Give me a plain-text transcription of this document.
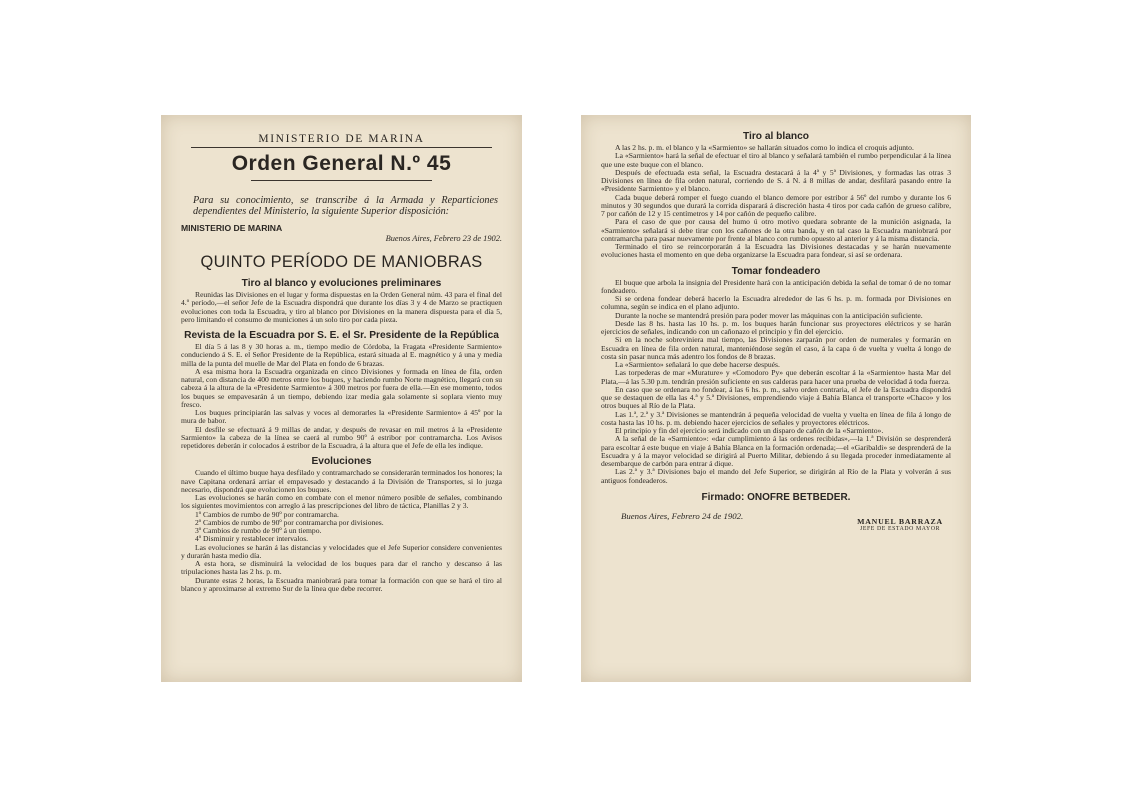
MINISTERIO DE MARINA
Orden General N.º 45
Para su conocimiento, se transcribe á la Armada y Reparticiones dependientes del Ministerio, la siguiente Superior disposición:
MINISTERIO DE MARINA
Buenos Aires, Febrero 23 de 1902.
QUINTO PERÍODO DE MANIOBRAS
Tiro al blanco y evoluciones preliminares

Reunidas las Divisiones en el lugar y forma dispuestas en la Orden General núm. 43 para el final del 4.º período,—el señor Jefe de la Escuadra dispondrá que durante los días 3 y 4 de Marzo se practiquen evoluciones con toda la Escuadra, y tiro al blanco por Divisiones en la manera dispuesta para el día 5, pero limitando el consumo de municiones á un solo tiro por cada pieza.

Revista de la Escuadra por S. E. el Sr. Presidente de la República

El día 5 á las 8 y 30 horas a. m., tiempo medio de Córdoba, la Fragata «Presidente Sarmiento» conduciendo á S. E. el Señor Presidente de la República, estará situada al E. magnético y á una y media milla de la punta del muelle de Mar del Plata en fondo de 6 brazas.

A esa misma hora la Escuadra organizada en cinco Divisiones y formada en línea de fila, orden natural, con distancia de 400 metros entre los buques, y haciendo rumbo Norte magnético, llegará con su cabeza á la altura de la «Presidente Sarmiento» á 300 metros por fuera de ella.—En ese momento, todos los buques se empavesarán á un tiempo, debiendo izar media gala solamente si soplara viento muy fresco.

Los buques principiarán las salvas y voces al demorarles la «Presidente Sarmiento» á 45º por la mura de babor.

El desfile se efectuará á 9 millas de andar, y después de revasar en mil metros á la «Presidente Sarmiento» la cabeza de la línea se caerá al rumbo 90º á estribor por contramarcha. Los Avisos repetidores deberán ir colocados á estribor de la Escuadra, á la altura que el Jefe de ella les indique.

Evoluciones

Cuando el último buque haya desfilado y contramarchado se considerarán terminados los honores; la nave Capitana ordenará arriar el empavesado y destacando á la División de Transportes, si lo juzga necesario, dispondrá que evolucionen los buques.

Las evoluciones se harán como en combate con el menor número posible de señales, combinando los siguientes movimientos con arreglo á las prescripciones del libro de táctica, Planillas 2 y 3.

1º Cambios de rumbo de 90º por contramarcha.
2º Cambios de rumbo de 90º por contramarcha por divisiones.
3º Cambios de rumbo de 90º á un tiempo.
4º Disminuir y restablecer intervalos.

Las evoluciones se harán á las distancias y velocidades que el Jefe Superior considere convenientes y durarán hasta medio día.

A esta hora, se disminuirá la velocidad de los buques para dar el rancho y descanso á las tripulaciones hasta las 2 hs. p. m.

Durante estas 2 horas, la Escuadra maniobrará para tomar la formación con que se hará el tiro al blanco y aproximarse al extremo Sur de la línea que debe recorrer.

Tiro al blanco

A las 2 hs. p. m. el blanco y la «Sarmiento» se hallarán situados como lo indica el croquis adjunto.

La «Sarmiento» hará la señal de efectuar el tiro al blanco y señalará también el rumbo perpendicular á la línea que une este buque con el blanco.

Después de efectuada esta señal, la Escuadra destacará á la 4ª y 5ª Divisiones, y formadas las otras 3 Divisiones en línea de fila orden natural, corriendo de S. á N. á 8 millas de andar, desfilará pasando entre la «Presidente Sarmiento» y el blanco.

Cada buque deberá romper el fuego cuando el blanco demore por estribor á 56º del rumbo y durante los 6 minutos y 30 segundos que durará la corrida disparará á discreción hasta 4 tiros por cada cañón de grueso calibre, 7 por cañón de 12 y 15 centímetros y 14 por cañón de pequeño calibre.

Para el caso de que por causa del humo ú otro motivo quedara sobrante de la munición asignada, la «Sarmiento» señalará si debe tirar con los cañones de la otra banda, y en tal caso la Escuadra maniobrará por contramarcha para pasar nuevamente por frente al blanco con rumbo opuesto al anterior y á la misma distancia.

Terminado el tiro se reincorporarán á la Escuadra las Divisiones destacadas y se harán nuevamente evoluciones hasta el momento en que deba organizarse la Escuadra para fondear, si así se ordenara.

Tomar fondeadero

El buque que arbola la insignia del Presidente hará con la anticipación debida la señal de tomar ó de no tomar fondeadero.

Si se ordena fondear deberá hacerlo la Escuadra alrededor de las 6 hs. p. m. formada por Divisiones en columna, según se indica en el plano adjunto.

Durante la noche se mantendrá presión para poder mover las máquinas con la anticipación suficiente.

Desde las 8 hs. hasta las 10 hs. p. m. los buques harán funcionar sus proyectores eléctricos y se harán ejercicios de señales, indicando con un cañonazo el principio y fin del ejercicio.

Si en la noche sobreviniera mal tiempo, las Divisiones zarparán por orden de numerales y formarán en Escuadra en línea de fila orden natural, manteniéndose según el caso, á la capa ó de vuelta y vuelta á longo de costa sin pasar nunca más adentro los fondos de 8 brazas.

La «Sarmiento» señalará lo que debe hacerse después.

Las torpederas de mar «Murature» y «Comodoro Py» que deberán escoltar á la «Sarmiento» hasta Mar del Plata,—á las 5.30 p.m. tendrán presión suficiente en sus calderas para hacer una prueba de velocidad á toda fuerza.

En caso que se ordenara no fondear, á las 6 hs. p. m., salvo orden contraria, el Jefe de la Escuadra dispondrá que se destaquen de ella las 4.ª y 5.ª Divisiones, emprendiendo viaje á Bahía Blanca el transporte «Chaco» y los otros buques al Río de la Plata.

Las 1.ª, 2.ª y 3.ª Divisiones se mantendrán á pequeña velocidad de vuelta y vuelta en línea de fila á longo de costa hasta las 10 hs. p. m. debiendo hacer ejercicios de señales y proyectores eléctricos.

El principio y fin del ejercicio será indicado con un disparo de cañón de la «Sarmiento».

A la señal de la «Sarmiento»: «dar cumplimiento á las ordenes recibidas»,—la 1.ª División se desprenderá para escoltar á este buque en viaje á Bahía Blanca en la formación ordenada;—el «Garibaldi» se desprenderá de la Escuadra y á la mayor velocidad se dirigirá al Puerto Militar, debiendo á su llegada proceder inmediatamente al desembarque de carbón para entrar á dique.

Las 2.ª y 3.ª Divisiones bajo el mando del Jefe Superior, se dirigirán al Río de la Plata y volverán á sus antiguos fondeaderos.

Firmado: ONOFRE BETBEDER.
Buenos Aires, Febrero 24 de 1902.
MANUEL BARRAZA
JEFE DE ESTADO MAYOR
